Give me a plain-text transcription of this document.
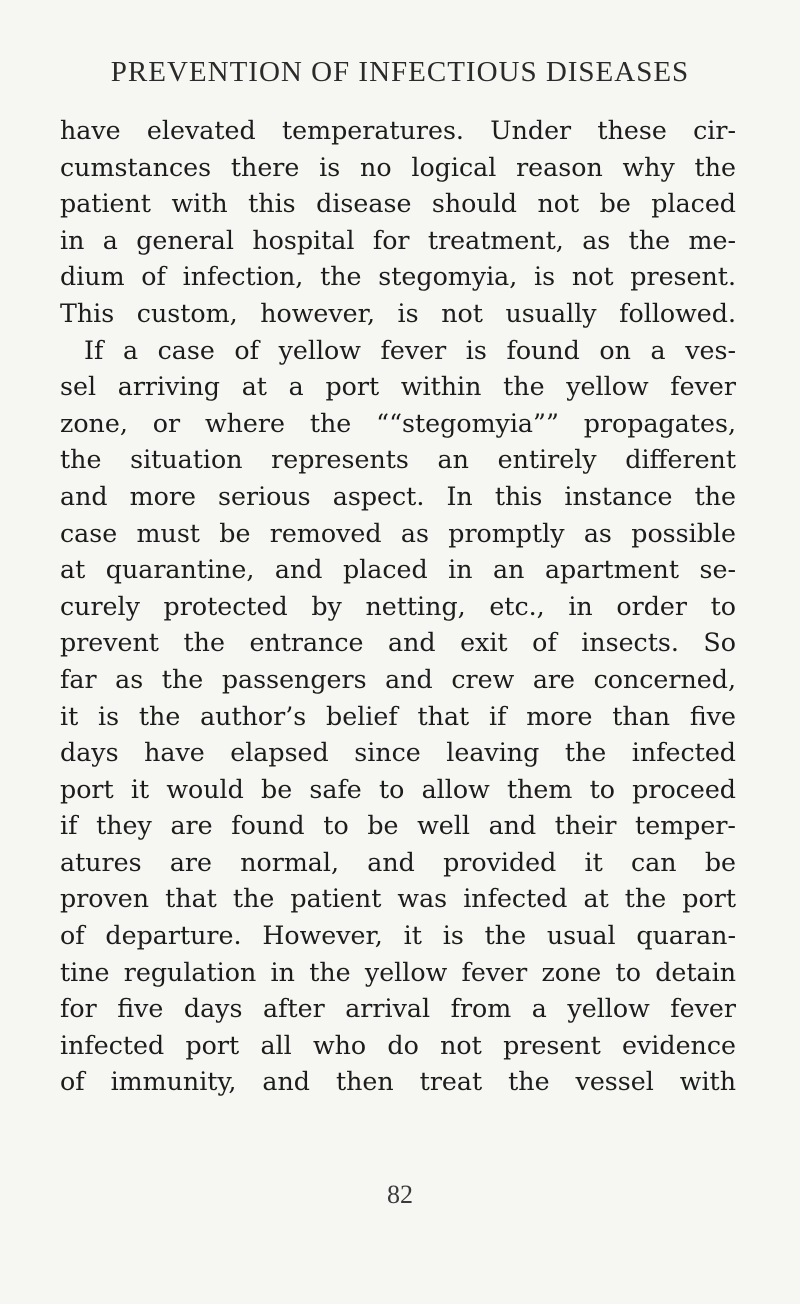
PREVENTION OF INFECTIOUS DISEASES
have elevated temperatures. Under these cir-
cumstances there is no logical reason why the
patient with this disease should not be placed
in a general hospital for treatment, as the me-
dium of infection, the stegomyia, is not present.
This custom, however, is not usually followed.
If a case of yellow fever is found on a ves-
sel arriving at a port within the yellow fever
zone, or where the ““stegomyia”” propagates,
the situation represents an entirely different
and more serious aspect. In this instance the
case must be removed as promptly as possible
at quarantine, and placed in an apartment se-
curely protected by netting, etc., in order to
prevent the entrance and exit of insects. So
far as the passengers and crew are concerned,
it is the author’s belief that if more than five
days have elapsed since leaving the infected
port it would be safe to allow them to proceed
if they are found to be well and their temper-
atures are normal, and provided it can be
proven that the patient was infected at the port
of departure. However, it is the usual quaran-
tine regulation in the yellow fever zone to detain
for five days after arrival from a yellow fever
infected port all who do not present evidence
of immunity, and then treat the vessel with
82
